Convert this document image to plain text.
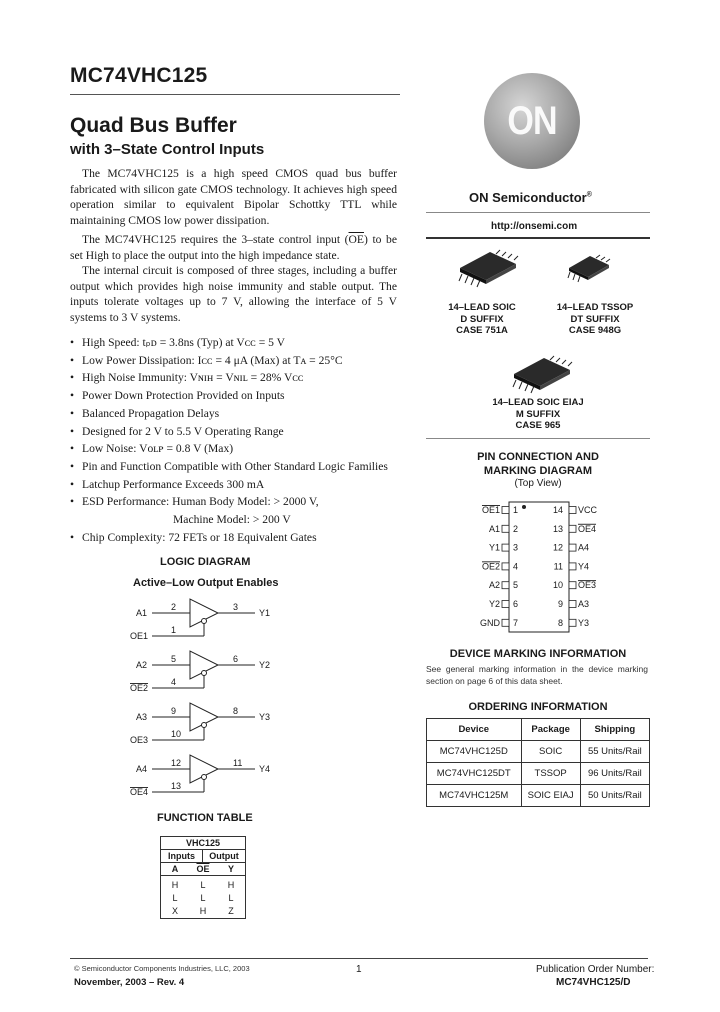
MC74VHC125
Quad Bus Buffer
with 3–State Control Inputs

The MC74VHC125 is a high speed CMOS quad bus buffer fabricated with silicon gate CMOS technology. It achieves high speed operation similar to equivalent Bipolar Schottky TTL while maintaining CMOS low power dissipation.

The MC74VHC125 requires the 3–state control input $(\overline{OE})$ to be set High to place the output into the high impedance state.

The internal circuit is composed of three stages, including a buffer output which provides high noise immunity and stable output. The inputs tolerate voltages up to 7 V, allowing the interface of 5 V systems to 3 V systems.

• High Speed: tₚᴅ = 3.8ns (Typ) at Vᴄᴄ = 5 V
• Low Power Dissipation: Iᴄᴄ = 4 μA (Max) at Tᴀ = 25°C
• High Noise Immunity: Vɴɪʜ = Vɴɪʟ = 28% Vᴄᴄ
• Power Down Protection Provided on Inputs
• Balanced Propagation Delays
• Designed for 2 V to 5.5 V Operating Range
• Low Noise: Vᴏʟᴘ = 0.8 V (Max)
• Pin and Function Compatible with Other Standard Logic Families
• Latchup Performance Exceeds 300 mA
• ESD Performance: Human Body Model: > 2000 V,
Machine Model: > 200 V
• Chip Complexity: 72 FETs or 18 Equivalent Gates
LOGIC DIAGRAM
Active–Low Output Enables
A1
2	3
Y1
OE1
1
A2
5	6
Y2
OE2
4
A3
9	8
Y3
OE3
10
A4
12	11
Y4
OE4
13
FUNCTION TABLE
VHC125
Inputs	Output
A	$\overline{OE}$	Y
H	L	H
L	L	L
X	H	Z
ON
ON Semiconductor®
http://onsemi.com
14–LEAD SOIC
D SUFFIX
CASE 751A
14–LEAD TSSOP
DT SUFFIX
CASE 948G
14–LEAD SOIC EIAJ
M SUFFIX
CASE 965
PIN CONNECTION AND
MARKING DIAGRAM
(Top View)
OE1 1
A1 2
Y1 3
OE2 4
A2 5
Y2 6
GND 7
14 VCC
13 OE4
12 A4
11 Y4
10 OE3
9 A3
8 Y3
DEVICE MARKING INFORMATION
See general marking information in the device marking section on page 6 of this data sheet.
ORDERING INFORMATION
Device	Package	Shipping
MC74VHC125D	SOIC	55 Units/Rail
MC74VHC125DT	TSSOP	96 Units/Rail
MC74VHC125M	SOIC EIAJ	50 Units/Rail
© Semiconductor Components Industries, LLC, 2003
November, 2003 – Rev. 4
1	Publication Order Number:
MC74VHC125/D
